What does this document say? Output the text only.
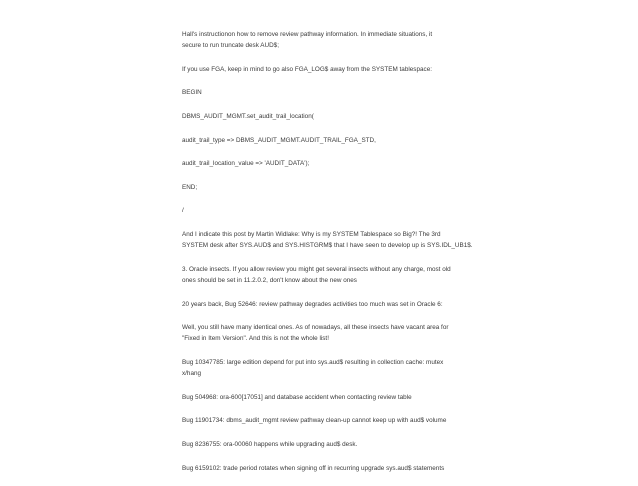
Hall's instructionon how to remove review pathway information. In immediate situations, it
secure to run truncate desk AUD$;
If you use FGA, keep in mind to go also FGA_LOG$ away from the SYSTEM tablespace:
BEGIN
DBMS_AUDIT_MGMT.set_audit_trail_location(
audit_trail_type => DBMS_AUDIT_MGMT.AUDIT_TRAIL_FGA_STD,
audit_trail_location_value => 'AUDIT_DATA');
END;
/
And I indicate this post by Martin Widlake: Why is my SYSTEM Tablespace so Big?! The 3rd
SYSTEM desk after SYS.AUD$ and SYS.HISTGRM$ that I have seen to develop up is SYS.IDL_UB1$.
3. Oracle insects. If you allow review you might get several insects without any charge, most old
ones should be set in 11.2.0.2, don't know about the new ones
20 years back, Bug 52646: review pathway degrades activities too much was set in Oracle 6:
Well, you still have many identical ones. As of nowadays, all these insects have vacant area for
"Fixed in Item Version". And this is not the whole list!
Bug 10347785: large edition depend for put into sys.aud$ resulting in collection cache: mutex
x/hang
Bug 504968: ora-600[17051] and database accident when contacting review table
Bug 11901734: dbms_audit_mgmt review pathway clean-up cannot keep up with aud$ volume
Bug 8236755: ora-00060 happens while upgrading aud$ desk.
Bug 6159102: trade period rotates when signing off in recurring upgrade sys.aud$ statements
